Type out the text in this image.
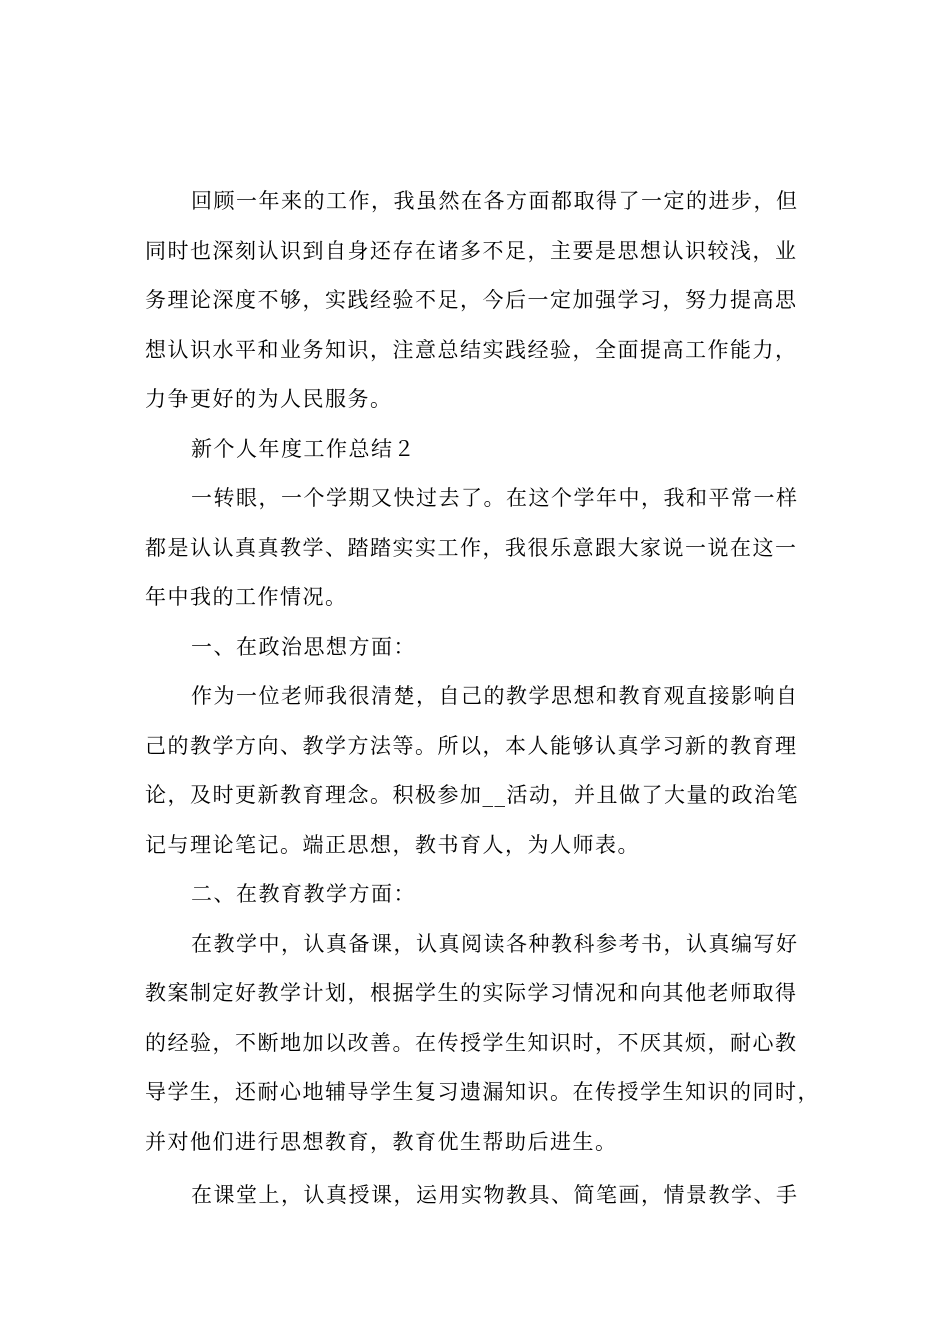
回顾一年来的工作，我虽然在各方面都取得了一定的进步，但
同时也深刻认识到自身还存在诸多不足，主要是思想认识较浅，业
务理论深度不够，实践经验不足，今后一定加强学习，努力提高思
想认识水平和业务知识，注意总结实践经验，全面提高工作能力，
力争更好的为人民服务。
新个人年度工作总结２
一转眼，一个学期又快过去了。在这个学年中，我和平常一样
都是认认真真教学、踏踏实实工作，我很乐意跟大家说一说在这一
年中我的工作情况。
一、在政治思想方面：
作为一位老师我很清楚，自己的教学思想和教育观直接影响自
己的教学方向、教学方法等。所以，本人能够认真学习新的教育理
论，及时更新教育理念。积极参加__活动，并且做了大量的政治笔
记与理论笔记。端正思想，教书育人，为人师表。
二、在教育教学方面：
在教学中，认真备课，认真阅读各种教科参考书，认真编写好
教案制定好教学计划，根据学生的实际学习情况和向其他老师取得
的经验，不断地加以改善。在传授学生知识时，不厌其烦，耐心教
导学生，还耐心地辅导学生复习遗漏知识。在传授学生知识的同时，
并对他们进行思想教育，教育优生帮助后进生。
在课堂上，认真授课，运用实物教具、简笔画，情景教学、手
